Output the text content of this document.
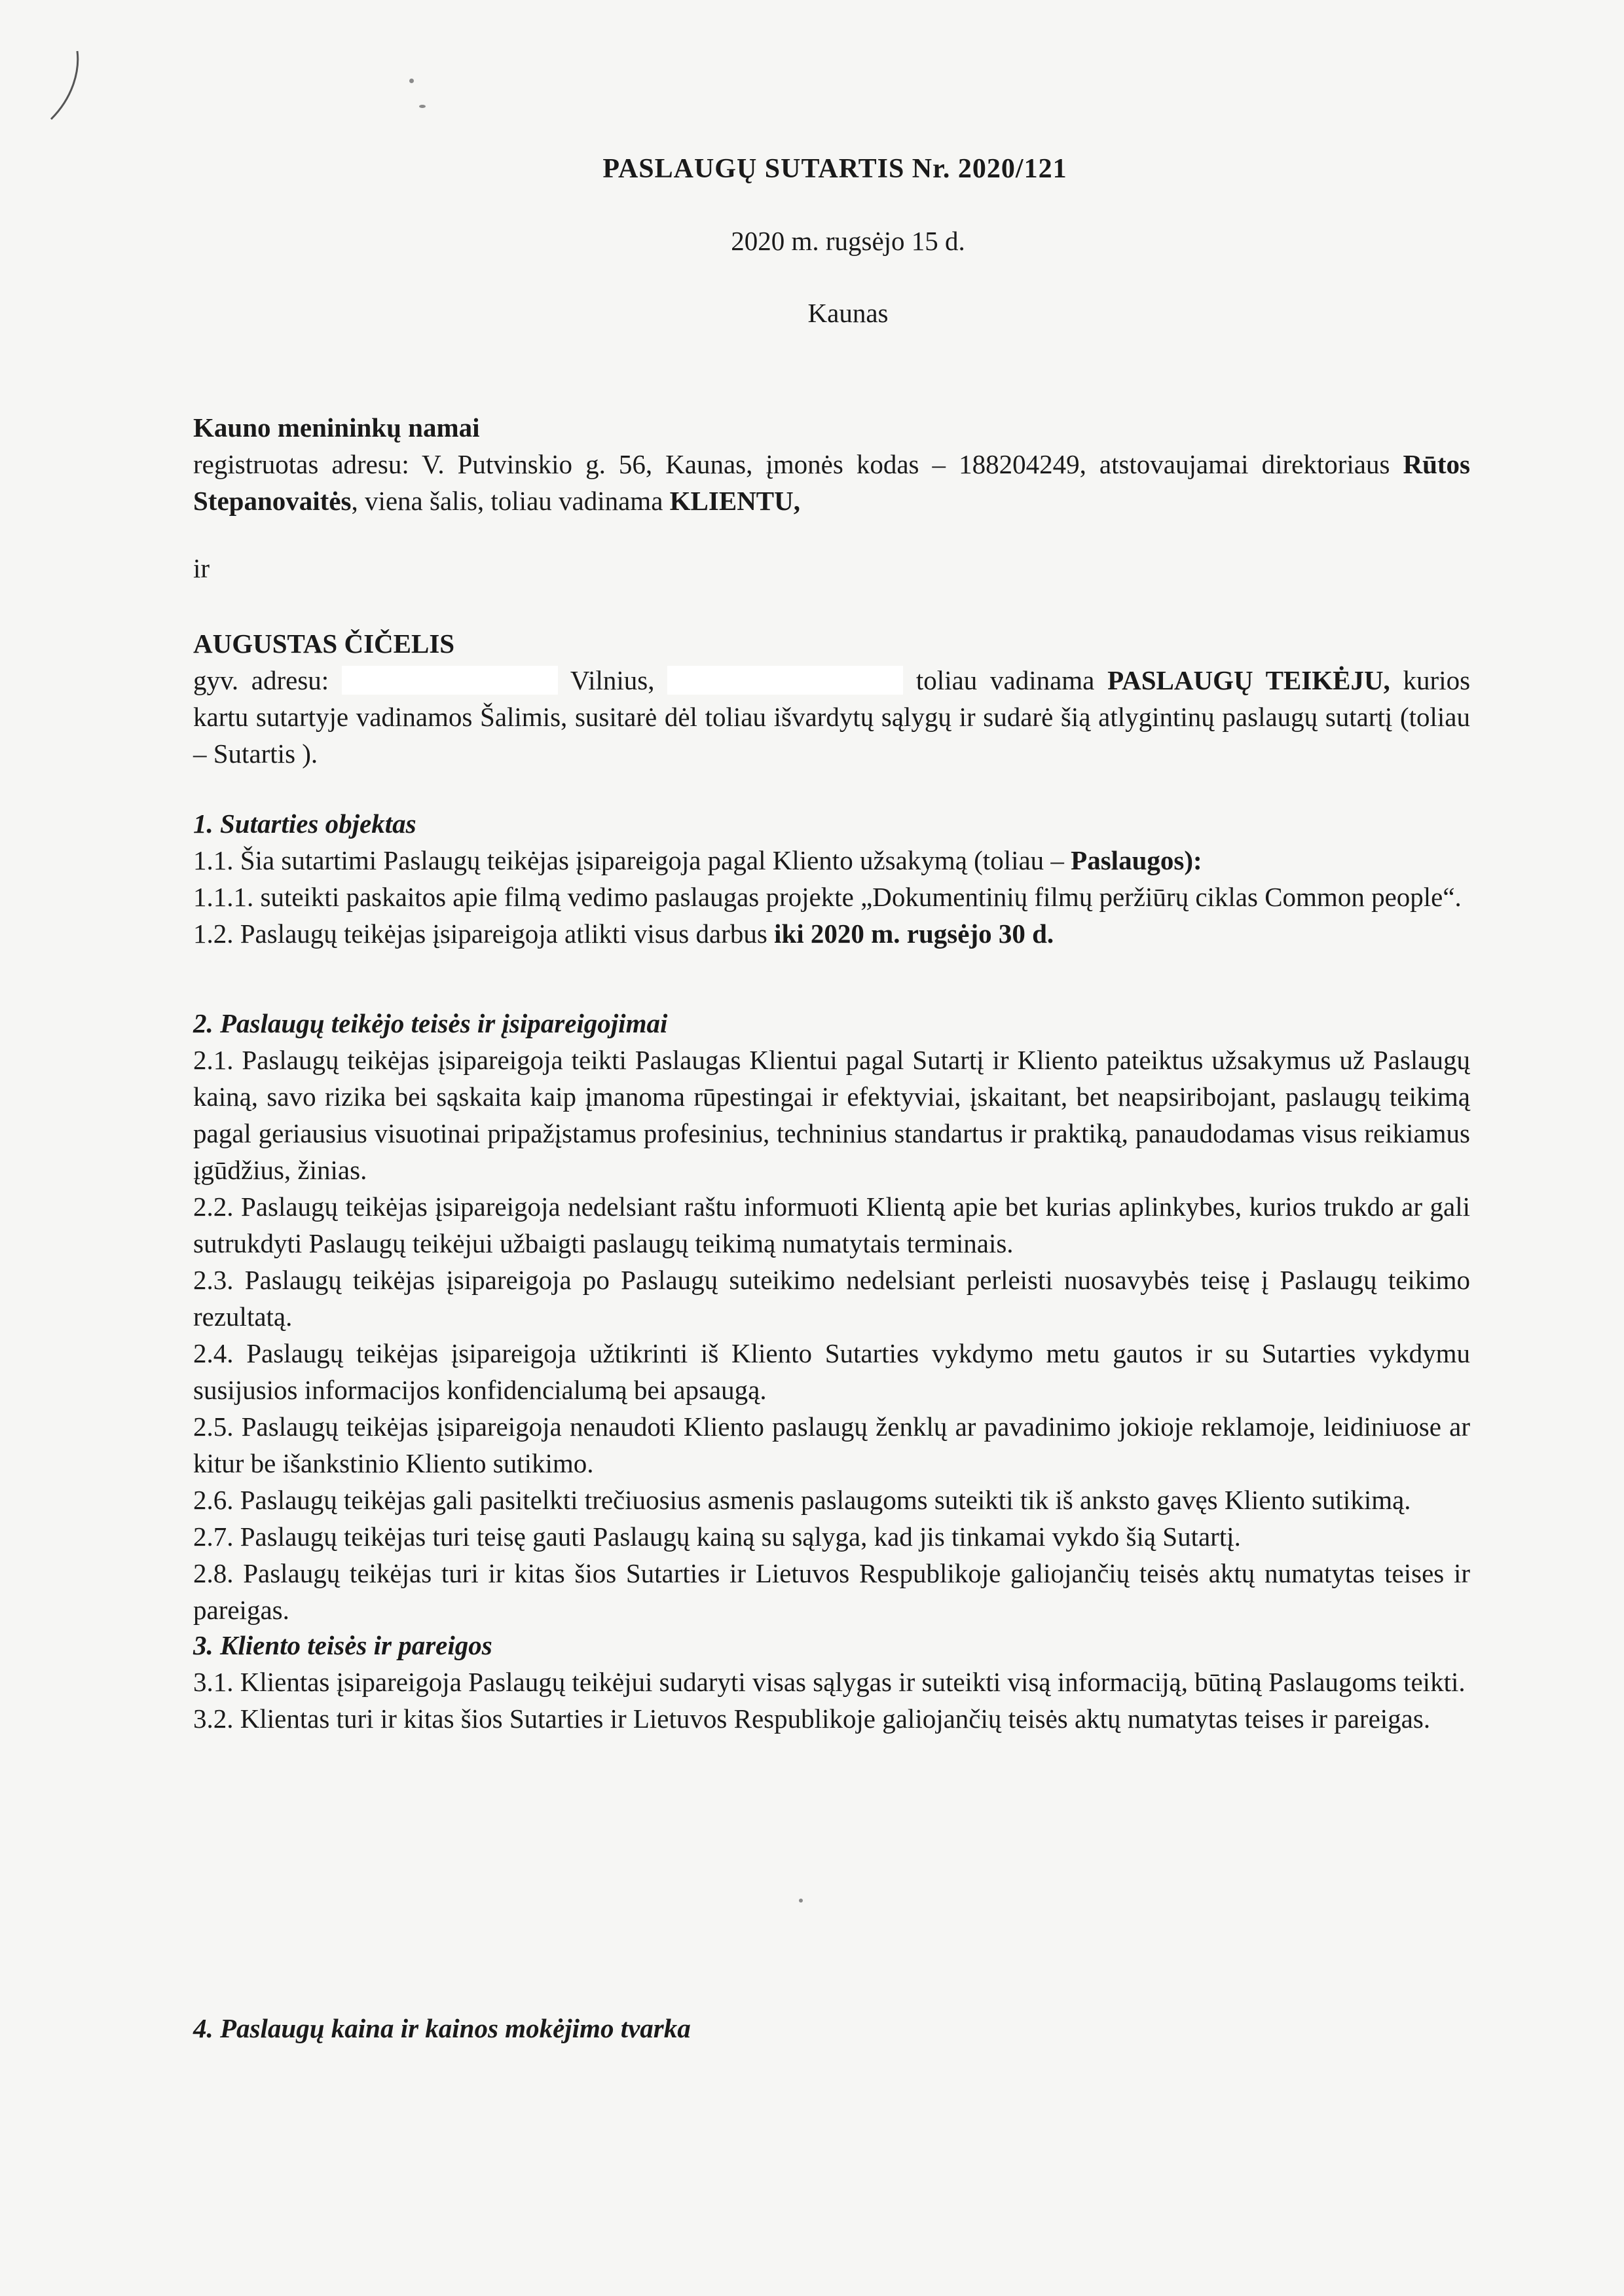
PASLAUGŲ SUTARTIS Nr. 2020/121
2020 m. rugsėjo 15 d.
Kaunas

Kauno menininkų namai

registruotas adresu: V. Putvinskio g. 56, Kaunas, įmonės kodas – 188204249, atstovaujamai direktoriaus Rūtos Stepanovaitės, viena šalis, toliau vadinama KLIENTU,

ir

AUGUSTAS ČIČELIS

gyv. adresu:	Vilnius,	toliau vadinama PASLAUGŲ TEIKĖJU, kurios kartu sutartyje vadinamos Šalimis, susitarė dėl toliau išvardytų sąlygų ir sudarė šią atlygintinų paslaugų sutartį (toliau – Sutartis ).

1. Sutarties objektas

1.1. Šia sutartimi Paslaugų teikėjas įsipareigoja pagal Kliento užsakymą (toliau – Paslaugos):

1.1.1. suteikti paskaitos apie filmą vedimo paslaugas projekte „Dokumentinių filmų peržiūrų ciklas Common people“.

1.2. Paslaugų teikėjas įsipareigoja atlikti visus darbus iki 2020 m. rugsėjo 30 d.

2. Paslaugų teikėjo teisės ir įsipareigojimai

2.1. Paslaugų teikėjas įsipareigoja teikti Paslaugas Klientui pagal Sutartį ir Kliento pateiktus užsakymus už Paslaugų kainą, savo rizika bei sąskaita kaip įmanoma rūpestingai ir efektyviai, įskaitant, bet neapsiribojant, paslaugų teikimą pagal geriausius visuotinai pripažįstamus profesinius, techninius standartus ir praktiką, panaudodamas visus reikiamus įgūdžius, žinias.

2.2. Paslaugų teikėjas įsipareigoja nedelsiant raštu informuoti Klientą apie bet kurias aplinkybes, kurios trukdo ar gali sutrukdyti Paslaugų teikėjui užbaigti paslaugų teikimą numatytais terminais.

2.3. Paslaugų teikėjas įsipareigoja po Paslaugų suteikimo nedelsiant perleisti nuosavybės teisę į Paslaugų teikimo rezultatą.

2.4. Paslaugų teikėjas įsipareigoja užtikrinti iš Kliento Sutarties vykdymo metu gautos ir su Sutarties vykdymu susijusios informacijos konfidencialumą bei apsaugą.

2.5. Paslaugų teikėjas įsipareigoja nenaudoti Kliento paslaugų ženklų ar pavadinimo jokioje reklamoje, leidiniuose ar kitur be išankstinio Kliento sutikimo.

2.6. Paslaugų teikėjas gali pasitelkti trečiuosius asmenis paslaugoms suteikti tik iš anksto gavęs Kliento sutikimą.

2.7. Paslaugų teikėjas turi teisę gauti Paslaugų kainą su sąlyga, kad jis tinkamai vykdo šią Sutartį.

2.8. Paslaugų teikėjas turi ir kitas šios Sutarties ir Lietuvos Respublikoje galiojančių teisės aktų numatytas teises ir pareigas.

3. Kliento teisės ir pareigos

3.1. Klientas įsipareigoja Paslaugų teikėjui sudaryti visas sąlygas ir suteikti visą informaciją, būtiną Paslaugoms teikti.

3.2. Klientas turi ir kitas šios Sutarties ir Lietuvos Respublikoje galiojančių teisės aktų numatytas teises ir pareigas.

4. Paslaugų kaina ir kainos mokėjimo tvarka
